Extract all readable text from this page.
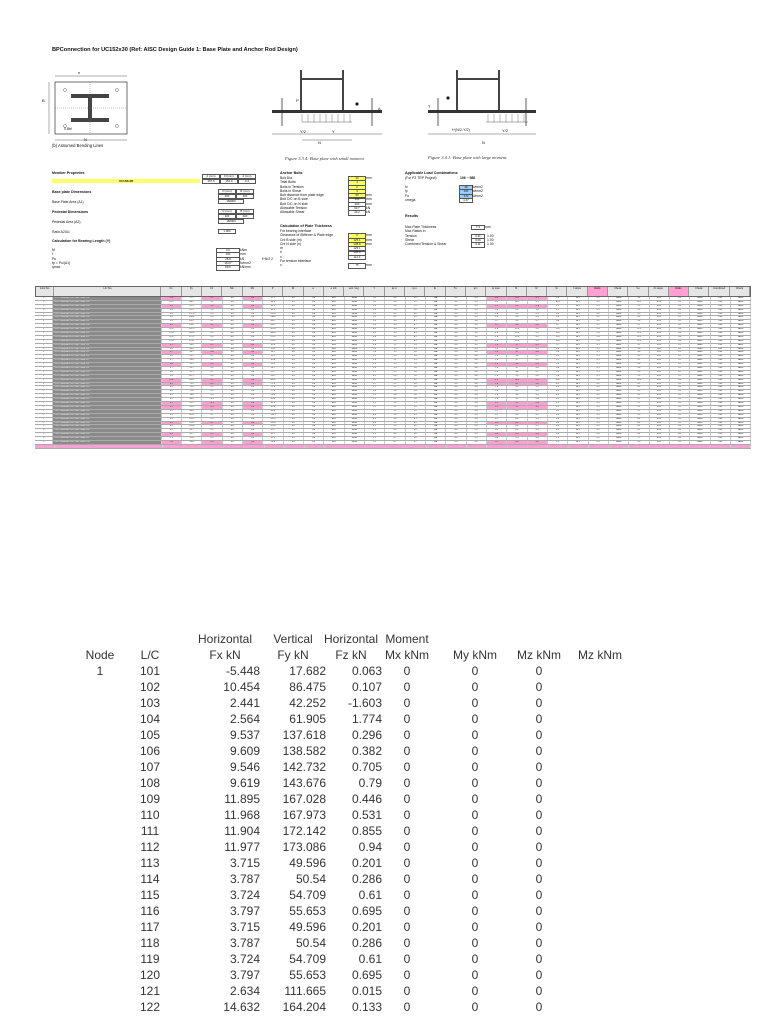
BPConnection for UC152x30 (Ref: AISC Design Guide 1: Base Plate and Anchor Rod Design)
n
0.8bf
N
B
(b) Assumed Bending Lines
Y/2	Y
N
P
A
Figure 3.3.4: Base plate with small moment
f+(N/2-Y/2)	Y/2
N
T
Figure 3.4.1: Base plate with large moment.
Member Properties
d (mm)	bf (mm)	tf (mm)
UC152x30	157.6	152.9	9.4
Base plate Dimensions	N (mm)	B (mm)
400	400
Base Plate Area (A1)	160000
Pedestal Dimensions	N (mm)	B (mm)
400	400
Pedestal Area (A2)	160000
Ratio A2/A1	1.000
Calculation for Bearing Length (Y)
M	0.0	kNm
f	150	mm
Pu	28.8	kN	f+N/2 2
fp = Pu/(A1)	18.07	N/mm2
qmax	89.9	kN/mm
Anchor Bolts
Bolt Dia	20	mm
Total Bolts	4
Bolts in Tension	2
Bolts in Shear	4
Bolt distance from plate edge	50	mm
Bolt C/C on B side	300	mm
Bolt C/C on N side	300	mm
Allowable Tension	63.7	kN
Allowable Shear	44.2	kN
Calculation of Plate Thickness
For bearing interface
Clearance of Stiffener & Plate edge	0	mm
Cnt B side (m)	125.1	mm
Cnt N side (n)	138.8	mm
m	125.1
n	138.8
x	111.0
For tension interface
x	75	mm
Applicable Load Combinations
(For P2 TRP Project)	106 ~ 988
fc'	28	N/mm2
fy	250	N/mm2
Fu	470	N/mm2
omega	1.67
Results
Max Plate Thickness	7.3	mm
Max Ratios in
Tension	0.31	1.00
Shear	0.06	1.00
Combined Tension & Shear	0.11	1.00
Joint No	L/C No	Fx	Fy	Fz	Mx	Mz	P	M	e	e crit	ecc / sig	Y	tp m	tp n	fp	Tu	tp t	tp max	f1	f2	fu	f stops	Ratio	Check	Vu	Ft stops	Ratio	Check	Combined	Check
1	101 COMBINATION LOAD CASE 101	-5.4	17.7	0.1	0.0	0.0	17.7	0.0	0.0	66.0	Small	0.7	0.4	0.4	N/A	0.0	0.0	0.4	-5.4	0.1	5.4	44.2	0.1	PASS	5.4	44.2	0.1	PASS	0.00	PASS
1	102 COMBINATION LOAD CASE 102	10.5	86.5	0.1	0.0	0.0	86.5	0.0	0.0	66.0	Small	3.2	2.0	2.2	N/A	0.0	0.0	2.2	10.5	0.1	10.5	44.2	0.2	PASS	10.5	44.2	0.2	PASS	0.00	PASS
1	103 COMBINATION LOAD CASE 103	2.4	42.3	-1.6	0.0	0.0	42.3	0.0	0.0	66.0	Small	1.6	1.0	1.1	N/A	0.0	0.0	1.1	2.4	-1.6	2.9	44.2	0.1	PASS	2.9	44.2	0.1	PASS	0.00	PASS
1	104 COMBINATION LOAD CASE 104	2.6	61.9	1.8	0.0	0.0	61.9	0.0	0.0	66.0	Small	2.3	1.4	1.6	N/A	0.0	0.0	1.6	2.6	1.8	3.1	44.2	0.1	PASS	3.1	44.2	0.1	PASS	0.00	PASS
1	105 COMBINATION LOAD CASE 105	9.5	137.6	0.3	0.0	0.0	137.6	0.0	0.0	66.0	Small	5.1	3.2	3.6	N/A	0.0	0.0	3.6	9.5	0.3	9.5	44.2	0.2	PASS	9.5	44.2	0.2	PASS	0.00	PASS
1	106 COMBINATION LOAD CASE 106	9.6	138.6	0.4	0.0	0.0	138.6	0.0	0.0	66.0	Small	5.1	3.2	3.6	N/A	0.0	0.0	3.6	9.6	0.4	9.6	44.2	0.2	PASS	9.6	44.2	0.2	PASS	0.00	PASS
1	107 COMBINATION LOAD CASE 107	9.5	142.7	0.7	0.0	0.0	142.7	0.0	0.0	66.0	Small	5.3	3.3	3.7	N/A	0.0	0.0	3.7	9.5	0.7	9.6	44.2	0.2	PASS	9.6	44.2	0.2	PASS	0.00	PASS
1	108 COMBINATION LOAD CASE 108	9.6	143.7	0.8	0.0	0.0	143.7	0.0	0.0	66.0	Small	5.3	3.3	3.7	N/A	0.0	0.0	3.7	9.6	0.8	9.7	44.2	0.2	PASS	9.7	44.2	0.2	PASS	0.00	PASS
1	109 COMBINATION LOAD CASE 109	11.9	167.0	0.4	0.0	0.0	167.0	0.0	0.0	66.0	Small	6.2	3.9	4.3	N/A	0.0	0.0	4.3	11.9	0.4	11.9	44.2	0.3	PASS	11.9	44.2	0.3	PASS	0.00	PASS
1	110 COMBINATION LOAD CASE 110	12.0	168.0	0.5	0.0	0.0	168.0	0.0	0.0	66.0	Small	6.2	3.9	4.3	N/A	0.0	0.0	4.3	12.0	0.5	12.0	44.2	0.3	PASS	12.0	44.2	0.3	PASS	0.00	PASS
1	111 COMBINATION LOAD CASE 111	11.9	172.1	0.9	0.0	0.0	172.1	0.0	0.0	66.0	Small	6.4	4.0	4.5	N/A	0.0	0.0	4.5	11.9	0.9	11.9	44.2	0.3	PASS	11.9	44.2	0.3	PASS	0.00	PASS
1	112 COMBINATION LOAD CASE 112	12.0	173.1	0.9	0.0	0.0	173.1	0.0	0.0	66.0	Small	6.4	4.0	4.5	N/A	0.0	0.0	4.5	12.0	0.9	12.0	44.2	0.3	PASS	12.0	44.2	0.3	PASS	0.00	PASS
1	113 COMBINATION LOAD CASE 113	3.7	49.6	0.2	0.0	0.0	49.6	0.0	0.0	66.0	Small	1.8	1.1	1.3	N/A	0.0	0.0	1.3	3.7	0.2	3.7	44.2	0.1	PASS	3.7	44.2	0.1	PASS	0.00	PASS
1	114 COMBINATION LOAD CASE 114	3.8	50.5	0.3	0.0	0.0	50.5	0.0	0.0	66.0	Small	1.9	1.2	1.3	N/A	0.0	0.0	1.3	3.8	0.3	3.8	44.2	0.1	PASS	3.8	44.2	0.1	PASS	0.00	PASS
1	115 COMBINATION LOAD CASE 115	3.7	54.7	0.6	0.0	0.0	54.7	0.0	0.0	66.0	Small	2.0	1.3	1.4	N/A	0.0	0.0	1.4	3.7	0.6	3.8	44.2	0.1	PASS	3.8	44.2	0.1	PASS	0.00	PASS
1	116 COMBINATION LOAD CASE 116	3.8	55.7	0.7	0.0	0.0	55.7	0.0	0.0	66.0	Small	2.1	1.3	1.4	N/A	0.0	0.0	1.4	3.8	0.7	3.9	44.2	0.1	PASS	3.9	44.2	0.1	PASS	0.00	PASS
1	117 COMBINATION LOAD CASE 117	3.7	49.6	0.2	0.0	0.0	49.6	0.0	0.0	66.0	Small	1.8	1.1	1.3	N/A	0.0	0.0	1.3	3.7	0.2	3.7	44.2	0.1	PASS	3.7	44.2	0.1	PASS	0.00	PASS
1	118 COMBINATION LOAD CASE 118	3.8	50.5	0.3	0.0	0.0	50.5	0.0	0.0	66.0	Small	1.9	1.2	1.3	N/A	0.0	0.0	1.3	3.8	0.3	3.8	44.2	0.1	PASS	3.8	44.2	0.1	PASS	0.00	PASS
1	119 COMBINATION LOAD CASE 119	3.7	54.7	0.6	0.0	0.0	54.7	0.0	0.0	66.0	Small	2.0	1.3	1.4	N/A	0.0	0.0	1.4	3.7	0.6	3.8	44.2	0.1	PASS	3.8	44.2	0.1	PASS	0.00	PASS
1	120 COMBINATION LOAD CASE 120	3.8	55.7	0.7	0.0	0.0	55.7	0.0	0.0	66.0	Small	2.1	1.3	1.4	N/A	0.0	0.0	1.4	3.8	0.7	3.9	44.2	0.1	PASS	3.9	44.2	0.1	PASS	0.00	PASS
1	121 COMBINATION LOAD CASE 121	2.6	111.7	0.0	0.0	0.0	111.7	0.0	0.0	66.0	Small	4.1	2.6	2.9	N/A	0.0	0.0	2.9	2.6	0.0	2.6	44.2	0.1	PASS	2.6	44.2	0.1	PASS	0.00	PASS
1	122 COMBINATION LOAD CASE 122	14.6	164.2	0.1	0.0	0.0	164.2	0.0	0.0	66.0	Small	6.1	3.8	4.2	N/A	0.0	0.0	4.2	14.6	0.1	14.6	44.2	0.3	PASS	14.6	44.2	0.3	PASS	0.00	PASS
1	123 COMBINATION LOAD CASE 123	8.2	71.9	0.4	0.0	0.0	71.9	0.0	0.0	66.0	Small	2.7	1.7	1.8	N/A	0.0	0.0	1.8	8.2	0.4	8.2	44.2	0.2	PASS	8.2	44.2	0.2	PASS	0.00	PASS
1	124 COMBINATION LOAD CASE 124	8.3	72.9	0.5	0.0	0.0	72.9	0.0	0.0	66.0	Small	2.7	1.7	1.9	N/A	0.0	0.0	1.9	8.3	0.5	8.3	44.2	0.2	PASS	8.3	44.2	0.2	PASS	0.00	PASS
1	125 COMBINATION LOAD CASE 125	8.2	77.0	0.8	0.0	0.0	77.0	0.0	0.0	66.0	Small	2.8	1.8	2.0	N/A	0.0	0.0	2.0	8.2	0.8	8.2	44.2	0.2	PASS	8.2	44.2	0.2	PASS	0.00	PASS
1	126 COMBINATION LOAD CASE 126	8.3	78.0	0.9	0.0	0.0	78.0	0.0	0.0	66.0	Small	2.9	1.8	2.0	N/A	0.0	0.0	2.0	8.3	0.9	8.3	44.2	0.2	PASS	8.3	44.2	0.2	PASS	0.00	PASS
1	127 COMBINATION LOAD CASE 127	5.1	40.3	-0.4	0.0	0.0	40.3	0.0	0.0	66.0	Small	1.5	0.9	1.0	N/A	0.0	0.0	1.0	5.1	-0.4	5.1	44.2	0.1	PASS	5.1	44.2	0.1	PASS	0.00	PASS
1	128 COMBINATION LOAD CASE 128	5.2	41.3	-0.3	0.0	0.0	41.3	0.0	0.0	66.0	Small	1.5	1.0	1.1	N/A	0.0	0.0	1.1	5.2	-0.3	5.2	44.2	0.1	PASS	5.2	44.2	0.1	PASS	0.00	PASS
1	129 COMBINATION LOAD CASE 129	5.1	45.4	0.0	0.0	0.0	45.4	0.0	0.0	66.0	Small	1.7	1.1	1.2	N/A	0.0	0.0	1.2	5.1	0.0	5.1	44.2	0.1	PASS	5.1	44.2	0.1	PASS	0.00	PASS
1	130 COMBINATION LOAD CASE 130	5.2	46.4	0.1	0.0	0.0	46.4	0.0	0.0	66.0	Small	1.7	1.1	1.2	N/A	0.0	0.0	1.2	5.2	0.1	5.2	44.2	0.1	PASS	5.2	44.2	0.1	PASS	0.00	PASS
1	131 COMBINATION LOAD CASE 131	6.3	119.5	0.2	0.0	0.0	119.5	0.0	0.0	66.0	Small	4.4	2.8	3.1	N/A	0.0	0.0	3.1	6.3	0.2	6.3	44.2	0.1	PASS	6.3	44.2	0.1	PASS	0.00	PASS
1	132 COMBINATION LOAD CASE 132	6.4	120.5	0.3	0.0	0.0	120.5	0.0	0.0	66.0	Small	4.5	2.8	3.1	N/A	0.0	0.0	3.1	6.4	0.3	6.4	44.2	0.1	PASS	6.4	44.2	0.1	PASS	0.00	PASS
1	133 COMBINATION LOAD CASE 133	6.3	124.6	0.7	0.0	0.0	124.6	0.0	0.0	66.0	Small	4.6	2.9	3.2	N/A	0.0	0.0	3.2	6.3	0.7	6.4	44.2	0.1	PASS	6.4	44.2	0.1	PASS	0.00	PASS
1	134 COMBINATION LOAD CASE 134	6.4	125.6	0.7	0.0	0.0	125.6	0.0	0.0	66.0	Small	4.7	2.9	3.2	N/A	0.0	0.0	3.2	6.4	0.7	6.4	44.2	0.1	PASS	6.4	44.2	0.1	PASS	0.00	PASS
1	135 COMBINATION LOAD CASE 135	8.2	35.7	0.3	0.0	0.0	35.7	0.0	0.0	66.0	Small	1.3	0.8	0.9	N/A	0.0	0.0	0.9	8.2	0.3	8.2	44.2	0.2	PASS	8.2	44.2	0.2	PASS	0.00	PASS
1	136 COMBINATION LOAD CASE 136	0.3	35.7	0.3	0.0	0.0	35.7	0.0	0.0	66.0	Small	1.3	0.8	0.9	N/A	0.0	0.0	0.9	0.3	0.3	0.4	44.2	0.0	PASS	0.4	44.2	0.0	PASS	0.00	PASS
1	137 COMBINATION LOAD CASE 137	-7.3	31.4	0.0	0.0	0.0	31.4	0.0	0.0	66.0	Small	1.2	0.7	0.8	N/A	0.0	0.0	0.8	-7.3	0.0	7.3	44.2	0.2	PASS	7.3	44.2	0.2	PASS	0.00	PASS
1	138 COMBINATION LOAD CASE 138	-5.0	28.8	0.0	0.0	0.0	28.8	0.0	0.0	66.0	Small	1.1	0.7	0.7	N/A	0.0	0.0	0.7	-5.0	0.0	5.0	44.2	0.1	PASS	5.0	44.2	0.1	PASS	0.00	PASS
Horizontal	Vertical Horizontal Moment
Node	L/C	Fx kN	Fy kN	Fz kN	Mx kNm	My kNm	Mz kNm	Mz kNm
1	101	-5.448	17.682	0.063	0	0	0
102	10.454	86.475	0.107	0	0	0
103	2.441	42.252	-1.603	0	0	0
104	2.564	61.905	1.774	0	0	0
105	9.537	137.618	0.296	0	0	0
106	9.609	138.582	0.382	0	0	0
107	9.546	142.732	0.705	0	0	0
108	9.619	143.676	0.79	0	0	0
109	11.895	167.028	0.446	0	0	0
110	11.968	167.973	0.531	0	0	0
111	11.904	172.142	0.855	0	0	0
112	11.977	173.086	0.94	0	0	0
113	3.715	49.596	0.201	0	0	0
114	3.787	50.54	0.286	0	0	0
115	3.724	54.709	0.61	0	0	0
116	3.797	55.653	0.695	0	0	0
117	3.715	49.596	0.201	0	0	0
118	3.787	50.54	0.286	0	0	0
119	3.724	54.709	0.61	0	0	0
120	3.797	55.653	0.695	0	0	0
121	2.634	111.665	0.015	0	0	0
122	14.632	164.204	0.133	0	0	0
